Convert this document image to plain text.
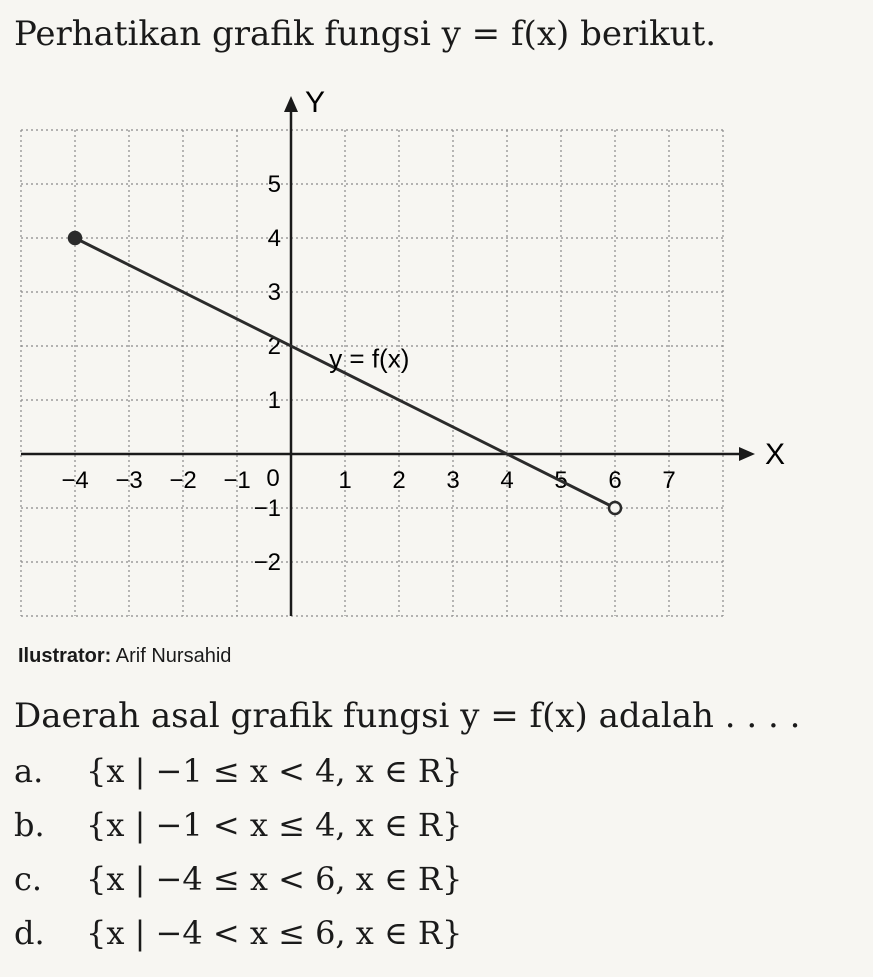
Perhatikan grafik fungsi y = f(x) berikut.
X
Y
−4 −3 −2 −1	1 2 3 4 5 6 7
0
−2
−1
1
2
3
4
5
y = f(x)
Ilustrator: Arif Nursahid
Daerah asal grafik fungsi y = f(x) adalah . . . .
a.	{x | −1 ≤ x < 4, x ∈ R}
b.	{x | −1 < x ≤ 4, x ∈ R}
c.	{x | −4 ≤ x < 6, x ∈ R}
d.	{x | −4 < x ≤ 6, x ∈ R}
